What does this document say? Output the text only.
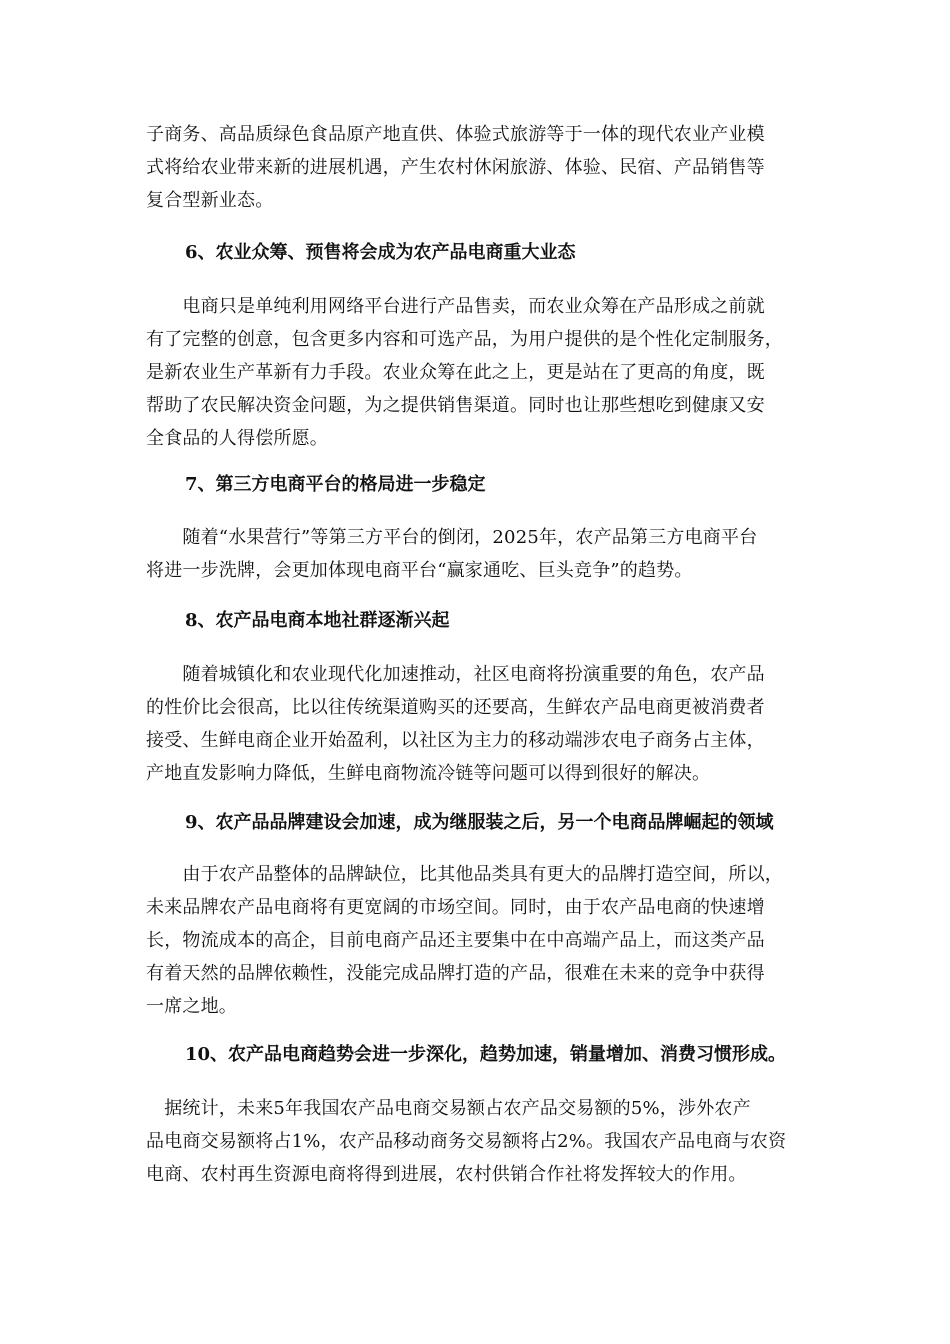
子商务、高品质绿色食品原产地直供、体验式旅游等于一体的现代农业产业模
式将给农业带来新的进展机遇，产生农村休闲旅游、体验、民宿、产品销售等
复合型新业态。
6、农业众筹、预售将会成为农产品电商重大业态
　　电商只是单纯利用网络平台进行产品售卖，而农业众筹在产品形成之前就
有了完整的创意，包含更多内容和可选产品，为用户提供的是个性化定制服务，
是新农业生产革新有力手段。农业众筹在此之上，更是站在了更高的角度，既
帮助了农民解决资金问题，为之提供销售渠道。同时也让那些想吃到健康又安
全食品的人得偿所愿。
7、第三方电商平台的格局进一步稳定
　　随着“水果营行”等第三方平台的倒闭，2025年，农产品第三方电商平台
将进一步洗牌，会更加体现电商平台“赢家通吃、巨头竞争”的趋势。
8、农产品电商本地社群逐渐兴起
　　随着城镇化和农业现代化加速推动，社区电商将扮演重要的角色，农产品
的性价比会很高，比以往传统渠道购买的还要高，生鲜农产品电商更被消费者
接受、生鲜电商企业开始盈利，以社区为主力的移动端涉农电子商务占主体，
产地直发影响力降低，生鲜电商物流冷链等问题可以得到很好的解决。
9、农产品品牌建设会加速，成为继服装之后，另一个电商品牌崛起的领域
　　由于农产品整体的品牌缺位，比其他品类具有更大的品牌打造空间，所以，
未来品牌农产品电商将有更宽阔的市场空间。同时，由于农产品电商的快速增
长，物流成本的高企，目前电商产品还主要集中在中高端产品上，而这类产品
有着天然的品牌依赖性，没能完成品牌打造的产品，很难在未来的竞争中获得
一席之地。
10、农产品电商趋势会进一步深化，趋势加速，销量增加、消费习惯形成。
　据统计，未来5年我国农产品电商交易额占农产品交易额的5%，涉外农产
品电商交易额将占1%，农产品移动商务交易额将占2%。我国农产品电商与农资
电商、农村再生资源电商将得到进展，农村供销合作社将发挥较大的作用。
